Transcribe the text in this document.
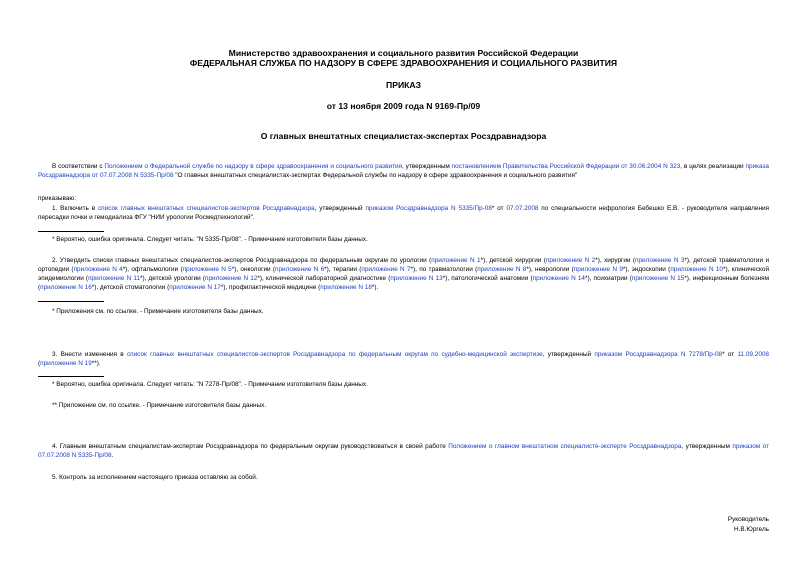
Министерство здравоохранения и социального развития Российской Федерации

ФЕДЕРАЛЬНАЯ СЛУЖБА ПО НАДЗОРУ В СФЕРЕ ЗДРАВООХРАНЕНИЯ И СОЦИАЛЬНОГО РАЗВИТИЯ

ПРИКАЗ

от 13 ноября 2009 года N 9169-Пр/09

О главных внештатных специалистах-экспертах Росздравнадзора

В соответствии с Положением о Федеральной службе по надзору в сфере здравоохранения и социального развития, утвержденным постановлением Правительства Российской Федерации от 30.06.2004 N 323, в целях реализации приказа Росздравнадзора от 07.07.2008 N 5335-Пр/08 "О главных внештатных специалистах-экспертах Федеральной службы по надзору в сфере здравоохранения и социального развития"

приказываю:

1. Включить в список главных внештатных специалистов-экспертов Росздравнадзора, утвержденный приказом Росздравнадзора N 5335/Пр-08* от 07.07.2008 по специальности нефрология Бебешко Е.В. - руководителя направления пересадки почки и гемодиализа ФГУ "НИИ урологии Росмедтехнологий".

* Вероятно, ошибка оригинала. Следует читать: "N 5335-Пр/08". - Примечание изготовителя базы данных.

2. Утвердить списки главных внештатных специалистов-экспертов Росздравнадзора по федеральным округам по урологии (приложение N 1*), детской хирургии (приложение N 2*), хирургии (приложение N 3*), детской травматологии и ортопедии (приложение N 4*), офтальмологии (приложение N 5*), онкологии (приложение N 6*), терапии (приложение N 7*), по травматологии (приложение N 8*), неврологии (приложение N 9*), эндоскопии (приложение N 10*), клинической эпидемиологии (приложение N 11*), детской урологии (приложение N 12*), клинической лабораторной диагностике (приложение N 13*), патологической анатомии (приложение N 14*), психиатрии (приложение N 15*), инфекционным болезням (приложение N 16*), детской стоматологии (приложение N 17*), профилактической медицине (приложение N 18*).

* Приложения см. по ссылке. - Примечание изготовителя базы данных.

3. Внести изменения в список главных внештатных специалистов-экспертов Росздравнадзора по федеральным округам по судебно-медицинской экспертизе, утвержденный приказом Росздравнадзора N 7278/Пр-08* от 11.09.2008 (приложение N 19**).

* Вероятно, ошибка оригинала. Следует читать: "N 7278-Пр/08". - Примечание изготовителя базы данных.

** Приложение см. по ссылке. - Примечание изготовителя базы данных.

4. Главным внештатным специалистам-экспертам Росздравнадзора по федеральным округам руководствоваться в своей работе Положением о главном внештатном специалисте-эксперте Росздравнадзора, утвержденным приказом от 07.07.2008 N 5335-Пр/08.

5. Контроль за исполнением настоящего приказа оставляю за собой.

Руководитель

Н.В.Юргель
